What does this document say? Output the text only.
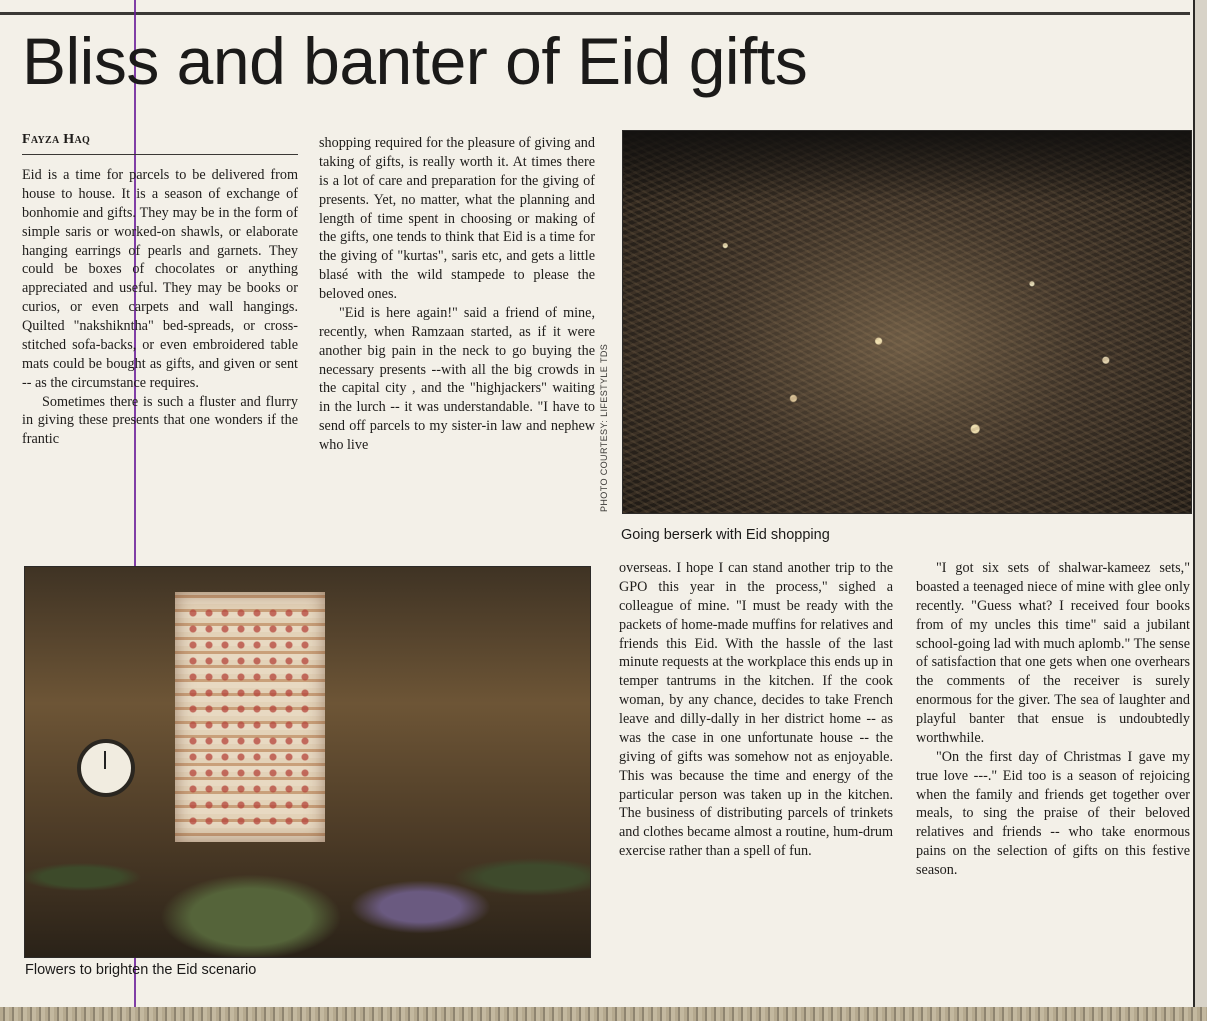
Bliss and banter of Eid gifts
Fayza Haq

Eid is a time for parcels to be delivered from house to house. It is a season of exchange of bonhomie and gifts. They may be in the form of simple saris or worked-on shawls, or elaborate hanging earrings of pearls and garnets. They could be boxes of chocolates or anything appreciated and useful. They may be books or curios, or even carpets and wall hangings. Quilted "nakshikntha" bed-spreads, or cross-stitched sofa-backs, or even embroidered table mats could be bought as gifts, and given or sent -- as the circumstance requires.

Sometimes there is such a fluster and flurry in giving these presents that one wonders if the frantic

shopping required for the pleasure of giving and taking of gifts, is really worth it. At times there is a lot of care and preparation for the giving of presents. Yet, no matter, what the planning and length of time spent in choosing or making of the gifts, one tends to think that Eid is a time for the giving of "kurtas", saris etc, and gets a little blasé with the wild stampede to please the beloved ones.

"Eid is here again!" said a friend of mine, recently, when Ramzaan started, as if it were another big pain in the neck to go buying the necessary presents --with all the big crowds in the capital city , and the "highjackers" waiting in the lurch -- it was understandable. "I have to send off parcels to my sister-in law and nephew who live	PHOTO COURTESY: LIFESTYLE TDS

Going berserk with Eid shopping

Flowers to brighten the Eid scenario

overseas. I hope I can stand another trip to the GPO this year in the process," sighed a colleague of mine. "I must be ready with the packets of home-made muffins for relatives and friends this Eid. With the hassle of the last minute requests at the workplace this ends up in temper tantrums in the kitchen. If the cook woman, by any chance, decides to take French leave and dilly-dally in her district home -- as was the case in one unfortunate house -- the giving of gifts was somehow not as enjoyable. This was because the time and energy of the particular person was taken up in the kitchen. The business of distributing parcels of trinkets and clothes became almost a routine, hum-drum exercise rather than a spell of fun.

"I got six sets of shalwar-kameez sets," boasted a teenaged niece of mine with glee only recently. "Guess what? I received four books from of my uncles this time" said a jubilant school-going lad with much aplomb." The sense of satisfaction that one gets when one overhears the comments of the receiver is surely enormous for the giver. The sea of laughter and playful banter that ensue is undoubtedly worthwhile.

"On the first day of Christmas I gave my true love ---." Eid too is a season of rejoicing when the family and friends get together over meals, to sing the praise of their beloved relatives and friends -- who take enormous pains on the selection of gifts on this festive season.
